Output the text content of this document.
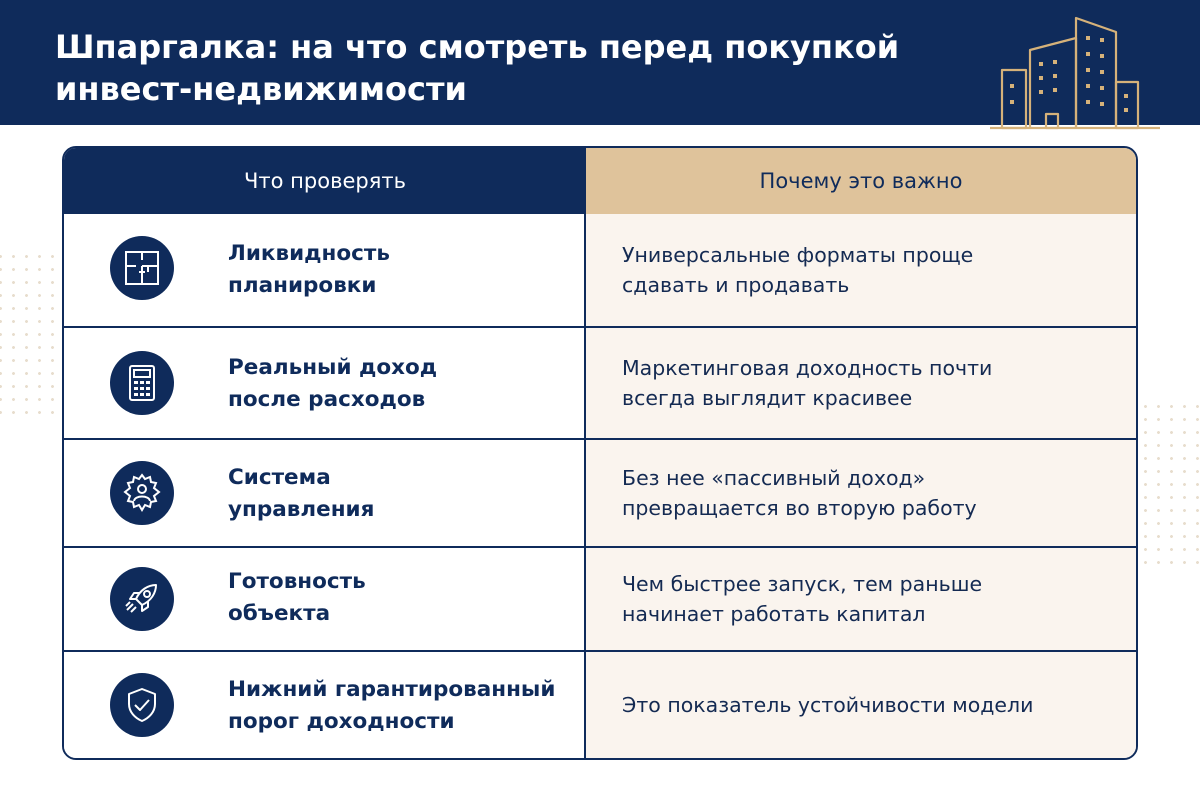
Шпаргалка: на что смотреть перед покупкой
инвест-недвижимости
Что проверять	Почему это важно
Ликвидность
планировки
Универсальные форматы проще
сдавать и продавать
Реальный доход
после расходов
Маркетинговая доходность почти
всегда выглядит красивее
Система
управления
Без нее «пассивный доход»
превращается во вторую работу
Готовность
объекта
Чем быстрее запуск, тем раньше
начинает работать капитал
Нижний гарантированный
порог доходности
Это показатель устойчивости модели
